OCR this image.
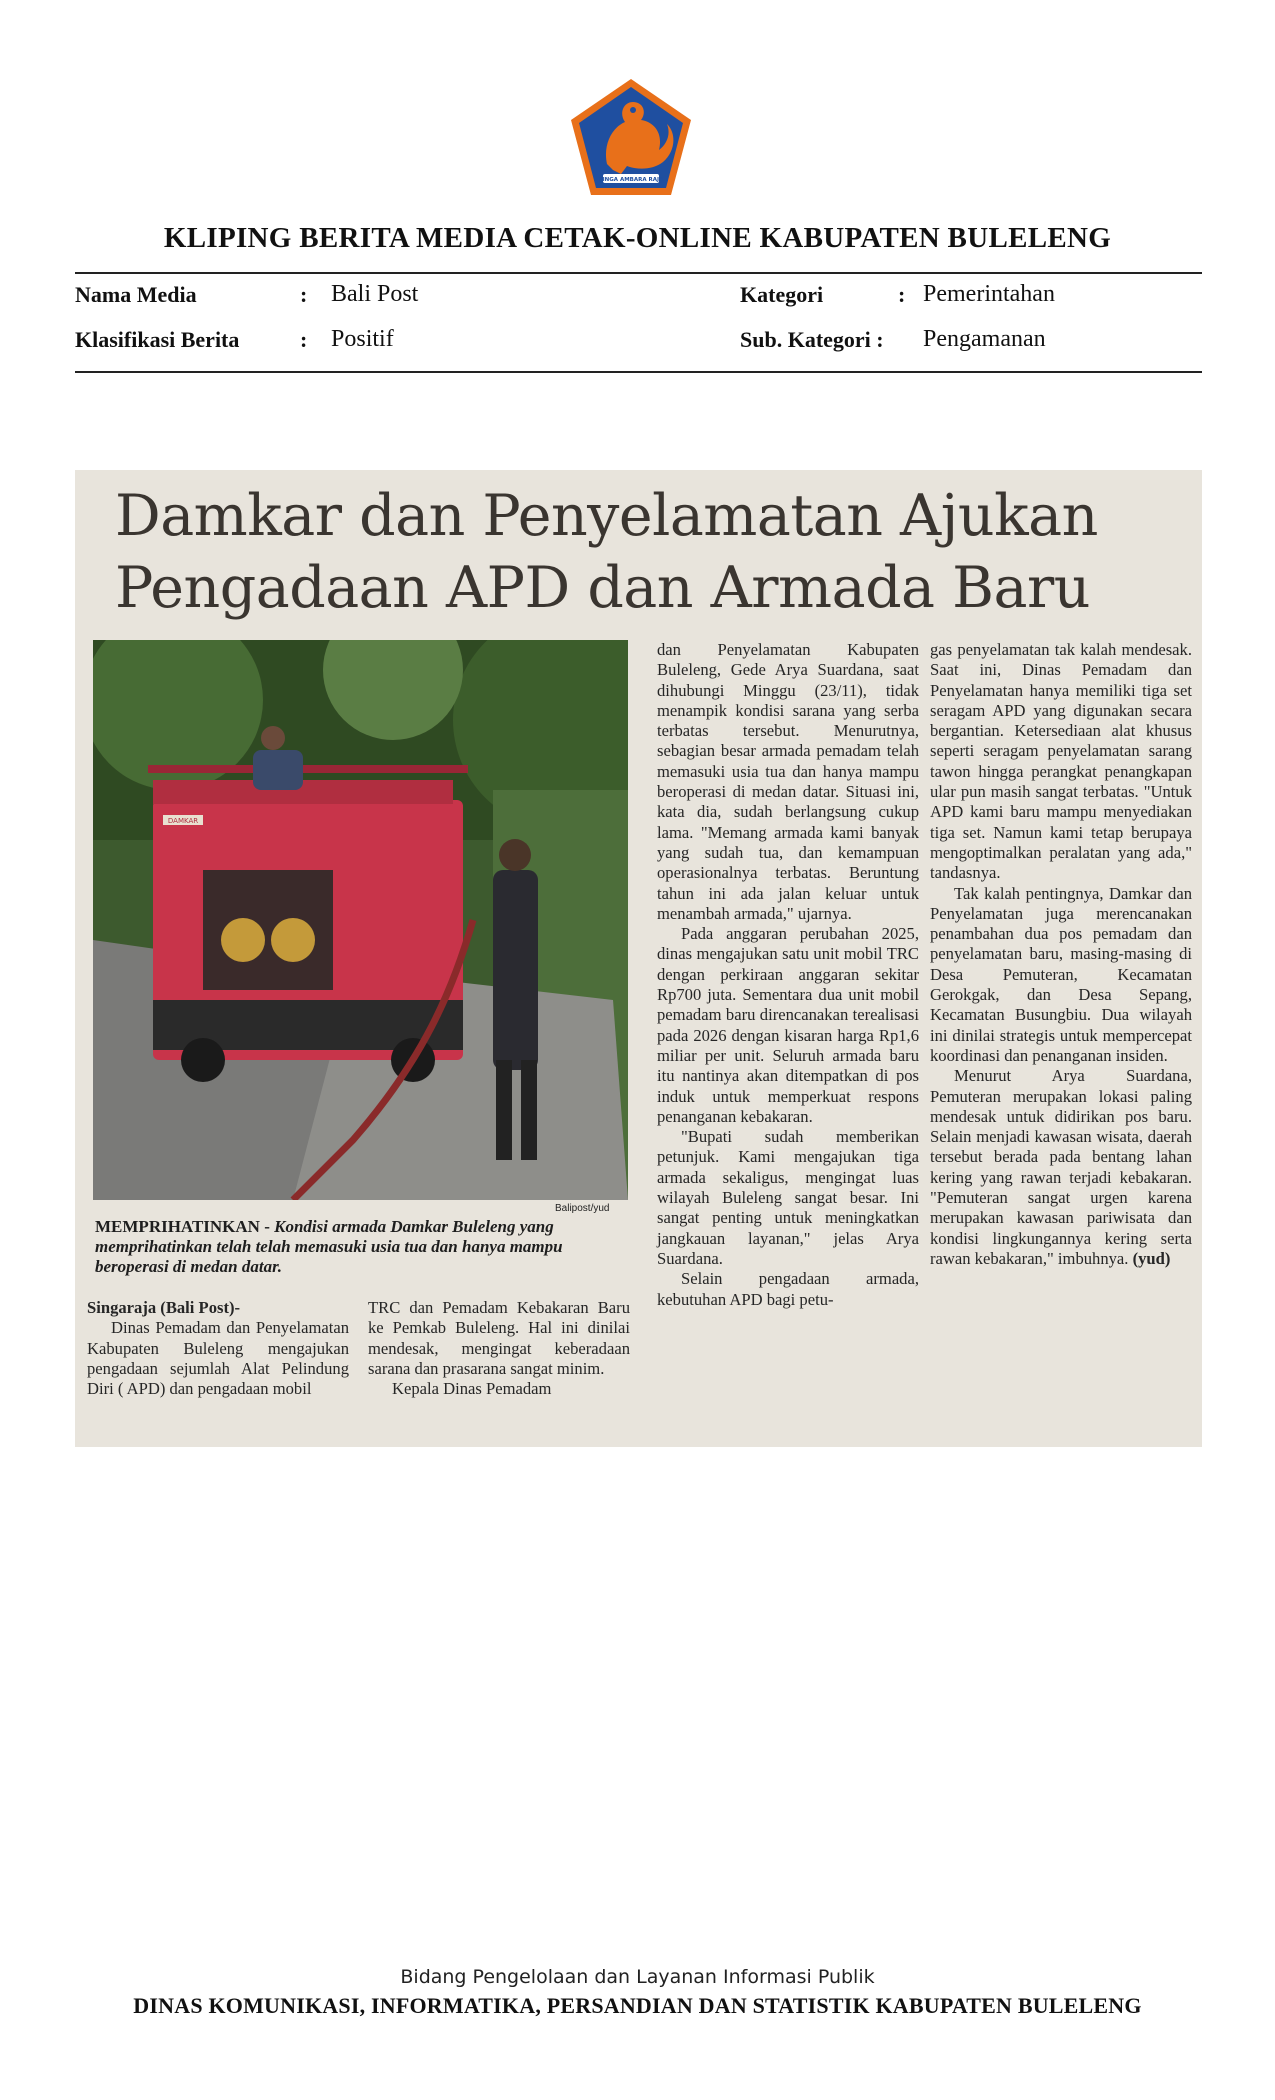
SINGA AMBARA RAJA
KLIPING BERITA MEDIA CETAK-ONLINE KABUPATEN BULELENG
Nama Media	: Bali Post
Klasifikasi Berita	: Positif
Kategori	: Pemerintahan
Sub. Kategori : Pengamanan
Damkar dan Penyelamatan Ajukan
Pengadaan APD dan Armada Baru
DAMKAR
Balipost/yud
MEMPRIHATINKAN - Kondisi armada Damkar Buleleng yang memprihatinkan telah telah memasuki usia tua dan hanya mampu beroperasi di medan datar.

Singaraja (Bali Post)-

Dinas Pemadam dan Penyelamatan Kabupaten Buleleng mengajukan pengadaan sejumlah Alat Pelindung Diri ( APD) dan pengadaan mobil

TRC dan Pemadam Kebakaran Baru ke Pemkab Buleleng. Hal ini dinilai mendesak, mengingat keberadaan sarana dan prasarana sangat minim.

Kepala Dinas Pemadam

dan Penyelamatan Kabupaten Buleleng, Gede Arya Suardana, saat dihubungi Minggu (23/11), tidak menampik kondisi sarana yang serba terbatas tersebut. Menurutnya, sebagian besar armada pemadam telah memasuki usia tua dan hanya mampu beroperasi di medan datar. Situasi ini, kata dia, sudah berlangsung cukup lama. "Memang armada kami banyak yang sudah tua, dan kemampuan operasionalnya terbatas. Beruntung tahun ini ada jalan keluar untuk menambah armada," ujarnya.

Pada anggaran perubahan 2025, dinas mengajukan satu unit mobil TRC dengan perkiraan anggaran sekitar Rp700 juta. Sementara dua unit mobil pemadam baru direncanakan terealisasi pada 2026 dengan kisaran harga Rp1,6 miliar per unit. Seluruh armada baru itu nantinya akan ditempatkan di pos induk untuk memperkuat respons penanganan kebakaran.

"Bupati sudah memberikan petunjuk. Kami mengajukan tiga armada sekaligus, mengingat luas wilayah Buleleng sangat besar. Ini sangat penting untuk meningkatkan jangkauan layanan," jelas Arya Suardana.

Selain pengadaan armada, kebutuhan APD bagi petu-

gas penyelamatan tak kalah mendesak. Saat ini, Dinas Pemadam dan Penyelamatan hanya memiliki tiga set seragam APD yang digunakan secara bergantian. Ketersediaan alat khusus seperti seragam penyelamatan sarang tawon hingga perangkat penangkapan ular pun masih sangat terbatas. "Untuk APD kami baru mampu menyediakan tiga set. Namun kami tetap berupaya mengoptimalkan peralatan yang ada," tandasnya.

Tak kalah pentingnya, Damkar dan Penyelamatan juga merencanakan penambahan dua pos pemadam dan penyelamatan baru, masing-masing di Desa Pemuteran, Kecamatan Gerokgak, dan Desa Sepang, Kecamatan Busungbiu. Dua wilayah ini dinilai strategis untuk mempercepat koordinasi dan penanganan insiden.

Menurut Arya Suardana, Pemuteran merupakan lokasi paling mendesak untuk didirikan pos baru. Selain menjadi kawasan wisata, daerah tersebut berada pada bentang lahan kering yang rawan terjadi kebakaran. "Pemuteran sangat urgen karena merupakan kawasan pariwisata dan kondisi lingkungannya kering serta rawan kebakaran," imbuhnya. (yud)

Bidang Pengelolaan dan Layanan Informasi Publik
DINAS KOMUNIKASI, INFORMATIKA, PERSANDIAN DAN STATISTIK KABUPATEN BULELENG
